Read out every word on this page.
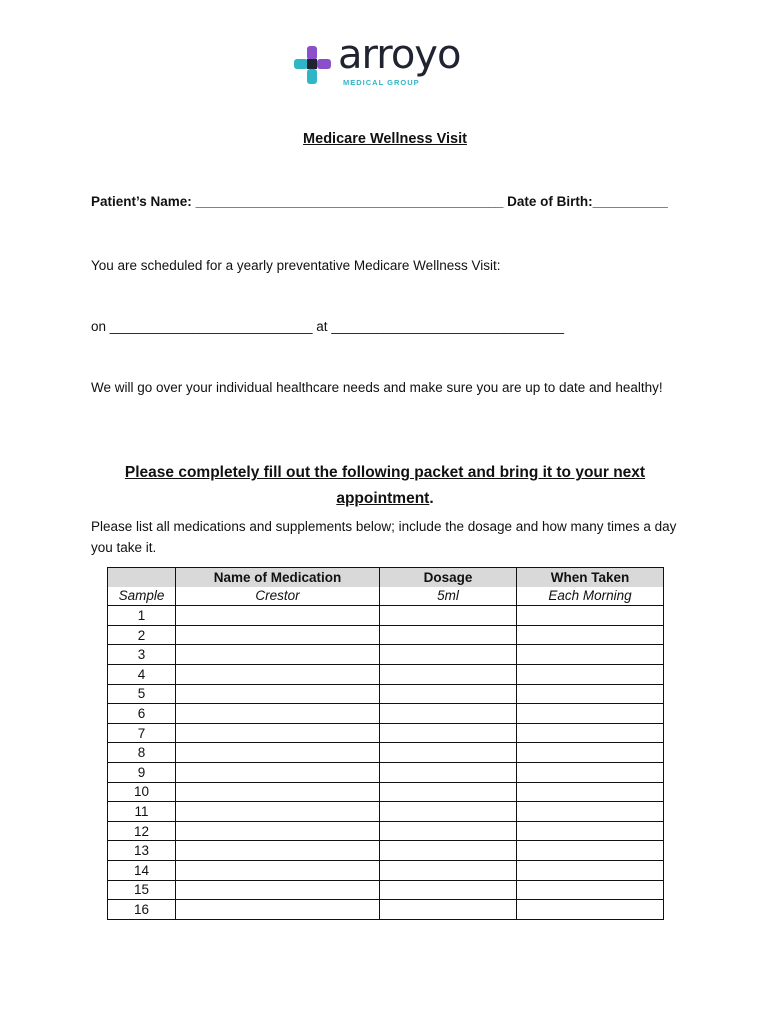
arroyo
MEDICAL GROUP
Medicare Wellness Visit
Patient’s Name: _________________________________________ Date of Birth:__________
You are scheduled for a yearly preventative Medicare Wellness Visit:
on ___________________________ at _______________________________
We will go over your individual healthcare needs and make sure you are up to date and healthy!
Please completely fill out the following packet and bring it to your next appointment.
Please list all medications and supplements below; include the dosage and how many times a day you take it.
	Name of Medication	Dosage	When Taken
Sample	Crestor	5ml	Each Morning
1			
2			
3			
4			
5			
6			
7			
8			
9			
10			
11			
12			
13			
14			
15			
16			
